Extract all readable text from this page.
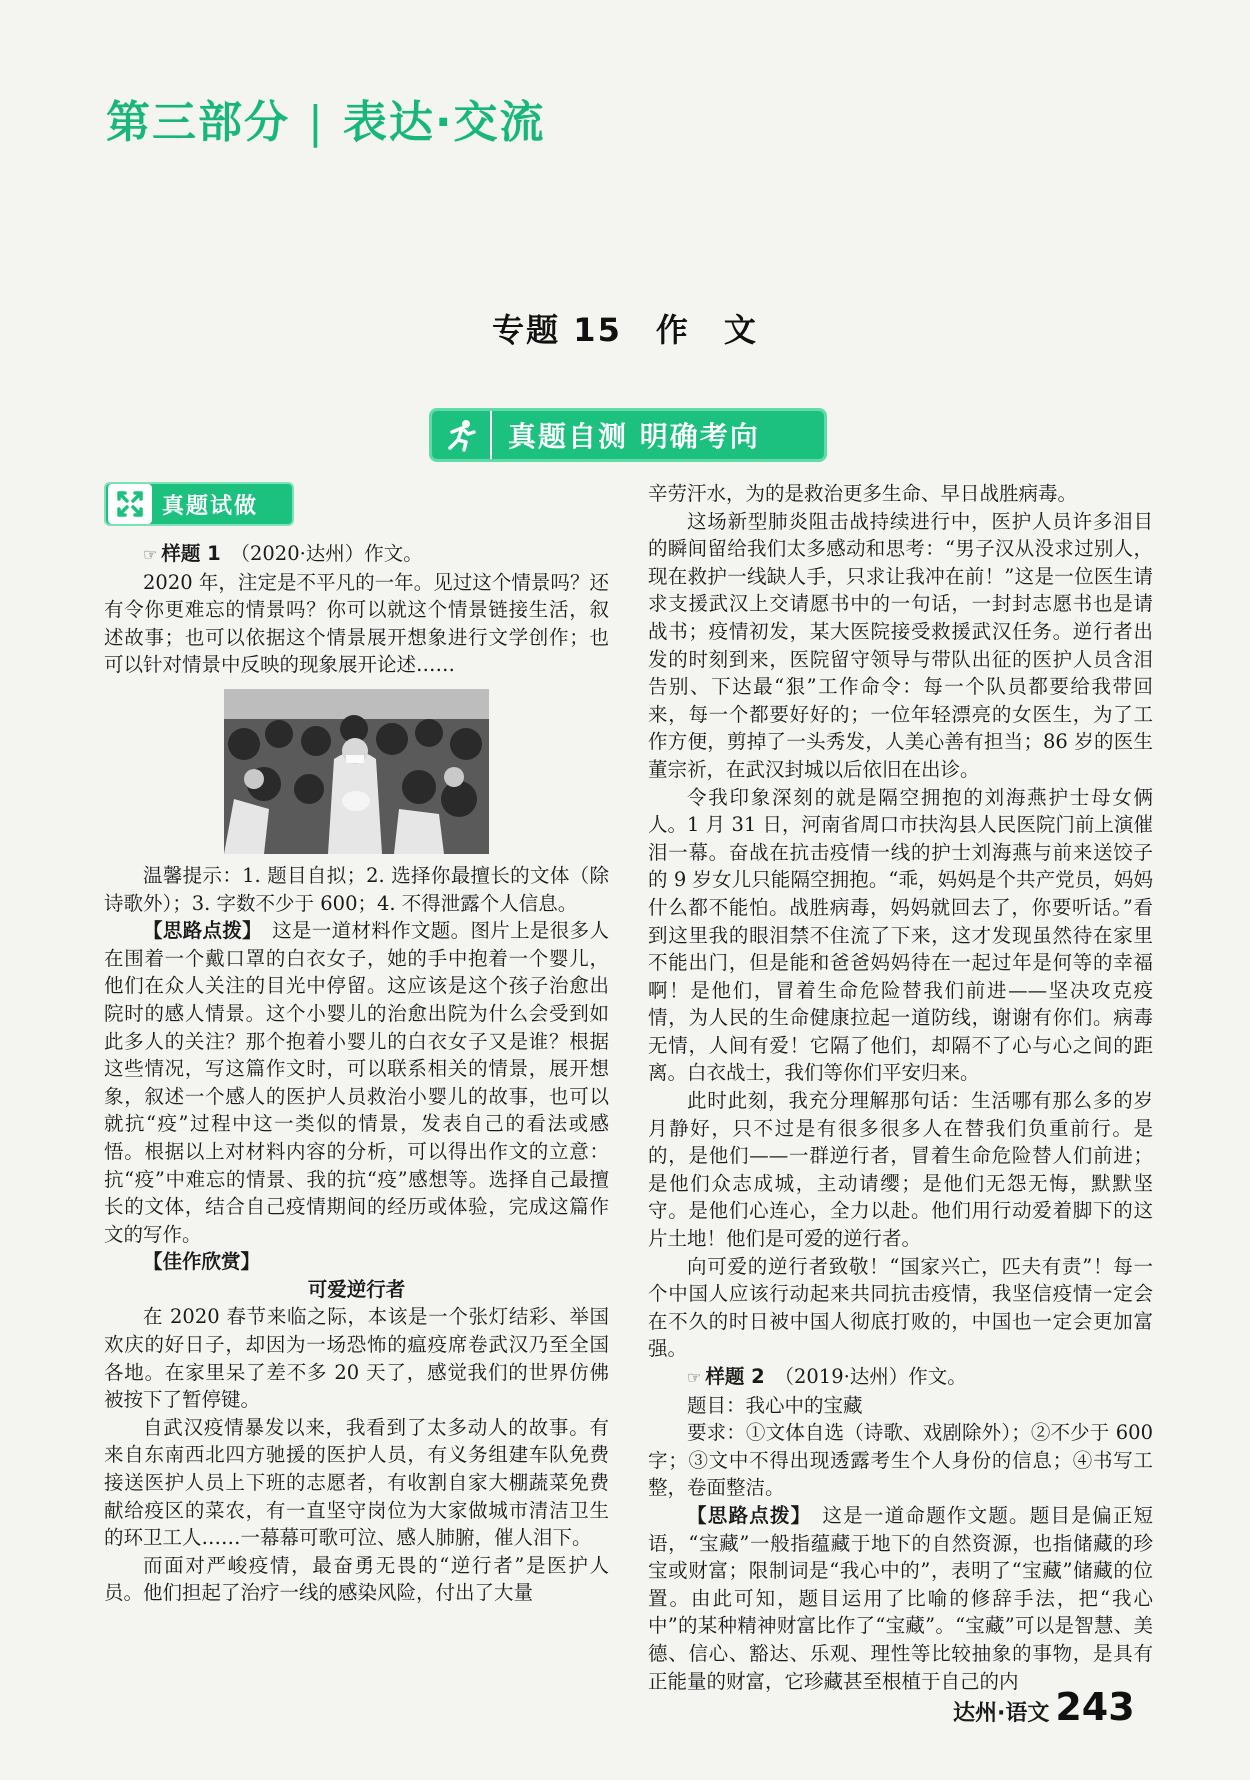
第三部分 | 表达·交流
专题 15　作　文
真题自测 明确考向
真题试做

☞ 样题 1　 （2020·达州）作文。

2020 年，注定是不平凡的一年。见过这个情景吗？还有令你更难忘的情景吗？你可以就这个情景链接生活，叙述故事；也可以依据这个情景展开想象进行文学创作；也可以针对情景中反映的现象展开论述……

温馨提示：1. 题目自拟；2. 选择你最擅长的文体（除诗歌外）；3. 字数不少于 600；4. 不得泄露个人信息。

【思路点拨】　 这是一道材料作文题。图片上是很多人在围着一个戴口罩的白衣女子，她的手中抱着一个婴儿，他们在众人关注的目光中停留。这应该是这个孩子治愈出院时的感人情景。这个小婴儿的治愈出院为什么会受到如此多人的关注？那个抱着小婴儿的白衣女子又是谁？根据这些情况，写这篇作文时，可以联系相关的情景，展开想象，叙述一个感人的医护人员救治小婴儿的故事，也可以就抗“疫”过程中这一类似的情景，发表自己的看法或感悟。根据以上对材料内容的分析，可以得出作文的立意：抗“疫”中难忘的情景、我的抗“疫”感想等。选择自己最擅长的文体，结合自己疫情期间的经历或体验，完成这篇作文的写作。

【佳作欣赏】

可爱逆行者

在 2020 春节来临之际，本该是一个张灯结彩、举国欢庆的好日子，却因为一场恐怖的瘟疫席卷武汉乃至全国各地。在家里呆了差不多 20 天了，感觉我们的世界仿佛被按下了暂停键。

自武汉疫情暴发以来，我看到了太多动人的故事。有来自东南西北四方驰援的医护人员，有义务组建车队免费接送医护人员上下班的志愿者，有收割自家大棚蔬菜免费献给疫区的菜农，有一直坚守岗位为大家做城市清洁卫生的环卫工人……一幕幕可歌可泣、感人肺腑，催人泪下。

而面对严峻疫情，最奋勇无畏的“逆行者”是医护人员。他们担起了治疗一线的感染风险，付出了大量

辛劳汗水，为的是救治更多生命、早日战胜病毒。

这场新型肺炎阻击战持续进行中，医护人员许多泪目的瞬间留给我们太多感动和思考：“男子汉从没求过别人，现在救护一线缺人手，只求让我冲在前！”这是一位医生请求支援武汉上交请愿书中的一句话，一封封志愿书也是请战书；疫情初发，某大医院接受救援武汉任务。逆行者出发的时刻到来，医院留守领导与带队出征的医护人员含泪告别、下达最“狠”工作命令：每一个队员都要给我带回来，每一个都要好好的；一位年轻漂亮的女医生，为了工作方便，剪掉了一头秀发，人美心善有担当；86 岁的医生董宗祈，在武汉封城以后依旧在出诊。

令我印象深刻的就是隔空拥抱的刘海燕护士母女俩人。1 月 31 日，河南省周口市扶沟县人民医院门前上演催泪一幕。奋战在抗击疫情一线的护士刘海燕与前来送饺子的 9 岁女儿只能隔空拥抱。“乖，妈妈是个共产党员，妈妈什么都不能怕。战胜病毒，妈妈就回去了，你要听话。”看到这里我的眼泪禁不住流了下来，这才发现虽然待在家里不能出门，但是能和爸爸妈妈待在一起过年是何等的幸福啊！是他们，冒着生命危险替我们前进——坚决攻克疫情，为人民的生命健康拉起一道防线，谢谢有你们。病毒无情，人间有爱！它隔了他们，却隔不了心与心之间的距离。白衣战士，我们等你们平安归来。

此时此刻，我充分理解那句话：生活哪有那么多的岁月静好，只不过是有很多很多人在替我们负重前行。是的，是他们——一群逆行者，冒着生命危险替人们前进；是他们众志成城，主动请缨；是他们无怨无悔，默默坚守。是他们心连心，全力以赴。他们用行动爱着脚下的这片土地！他们是可爱的逆行者。

向可爱的逆行者致敬！“国家兴亡，匹夫有责”！每一个中国人应该行动起来共同抗击疫情，我坚信疫情一定会在不久的时日被中国人彻底打败的，中国也一定会更加富强。

☞ 样题 2　 （2019·达州）作文。

题目：我心中的宝藏

要求：①文体自选（诗歌、戏剧除外）；②不少于 600 字；③文中不得出现透露考生个人身份的信息；④书写工整，卷面整洁。

【思路点拨】　 这是一道命题作文题。题目是偏正短语，“宝藏”一般指蕴藏于地下的自然资源，也指储藏的珍宝或财富；限制词是“我心中的”，表明了“宝藏”储藏的位置。由此可知，题目运用了比喻的修辞手法，把“我心中”的某种精神财富比作了“宝藏”。“宝藏”可以是智慧、美德、信心、豁达、乐观、理性等比较抽象的事物，是具有正能量的财富，它珍藏甚至根植于自己的内

达州·语文 243
